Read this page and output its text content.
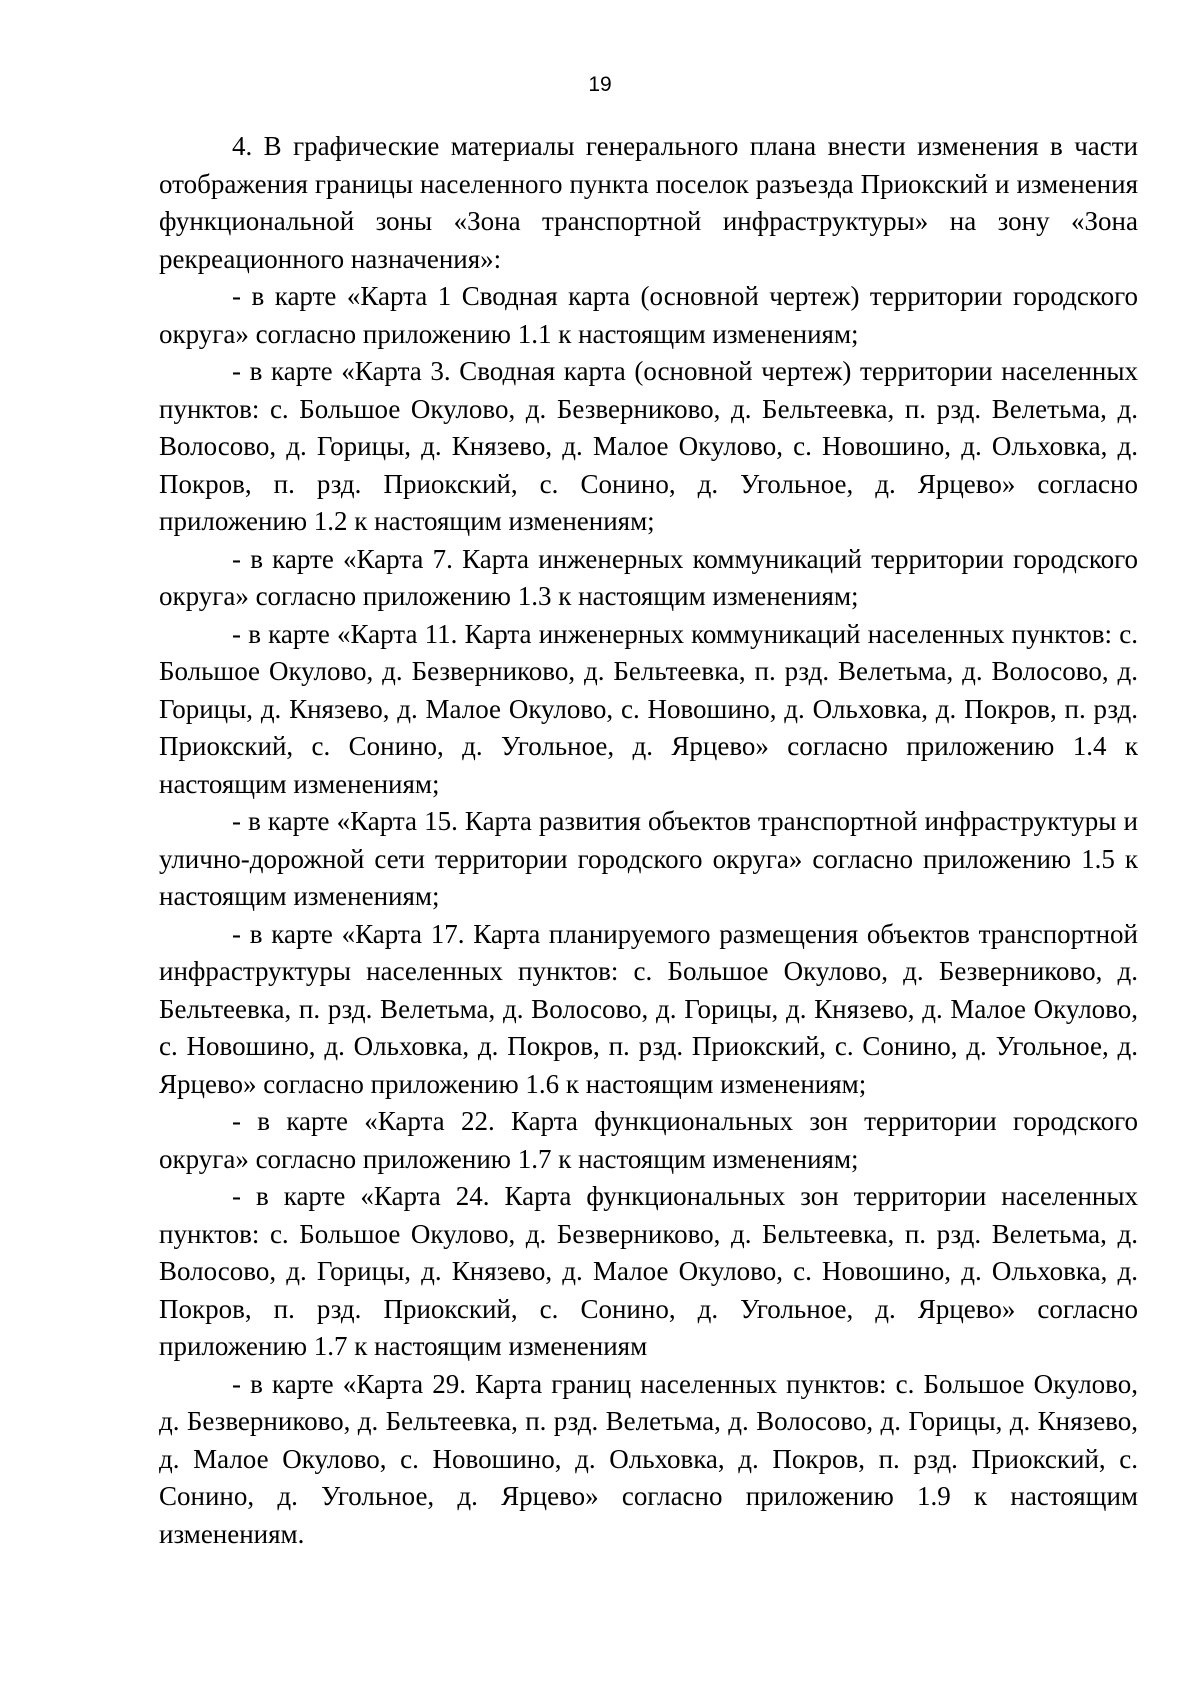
19

4. В графические материалы генерального плана внести изменения в части отображения границы населенного пункта поселок разъезда Приокский и изменения функциональной зоны «Зона транспортной инфраструктуры» на зону «Зона рекреационного назначения»:

- в карте «Карта 1 Сводная карта (основной чертеж) территории городского округа» согласно приложению 1.1 к настоящим изменениям;

- в карте «Карта 3. Сводная карта (основной чертеж) территории населенных пунктов: с. Большое Окулово, д. Безверниково, д. Бельтеевка, п. рзд. Велетьма, д. Волосово, д. Горицы, д. Князево, д. Малое Окулово, с. Новошино, д. Ольховка, д. Покров, п. рзд. Приокский, с. Сонино, д. Угольное, д. Ярцево» согласно приложению 1.2 к настоящим изменениям;

- в карте «Карта 7. Карта инженерных коммуникаций территории городского округа» согласно приложению 1.3 к настоящим изменениям;

- в карте «Карта 11. Карта инженерных коммуникаций населенных пунктов: с. Большое Окулово, д. Безверниково, д. Бельтеевка, п. рзд. Велетьма, д. Волосово, д. Горицы, д. Князево, д. Малое Окулово, с. Новошино, д. Ольховка, д. Покров, п. рзд. Приокский, с. Сонино, д. Угольное, д. Ярцево» согласно приложению 1.4 к настоящим изменениям;

- в карте «Карта 15. Карта развития объектов транспортной инфраструктуры и улично-дорожной сети территории городского округа» согласно приложению 1.5 к настоящим изменениям;

- в карте «Карта 17. Карта планируемого размещения объектов транспортной инфраструктуры населенных пунктов: с. Большое Окулово, д. Безверниково, д. Бельтеевка, п. рзд. Велетьма, д. Волосово, д. Горицы, д. Князево, д. Малое Окулово, с. Новошино, д. Ольховка, д. Покров, п. рзд. Приокский, с. Сонино, д. Угольное, д. Ярцево» согласно приложению 1.6 к настоящим изменениям;

- в карте «Карта 22. Карта функциональных зон территории городского округа» согласно приложению 1.7 к настоящим изменениям;

- в карте «Карта 24. Карта функциональных зон территории населенных пунктов: с. Большое Окулово, д. Безверниково, д. Бельтеевка, п. рзд. Велетьма, д. Волосово, д. Горицы, д. Князево, д. Малое Окулово, с. Новошино, д. Ольховка, д. Покров, п. рзд. Приокский, с. Сонино, д. Угольное, д. Ярцево» согласно приложению 1.7 к настоящим изменениям

- в карте «Карта 29. Карта границ населенных пунктов: с. Большое Окулово, д. Безверниково, д. Бельтеевка, п. рзд. Велетьма, д. Волосово, д. Горицы, д. Князево, д. Малое Окулово, с. Новошино, д. Ольховка, д. Покров, п. рзд. Приокский, с. Сонино, д. Угольное, д. Ярцево» согласно приложению 1.9 к настоящим изменениям.
